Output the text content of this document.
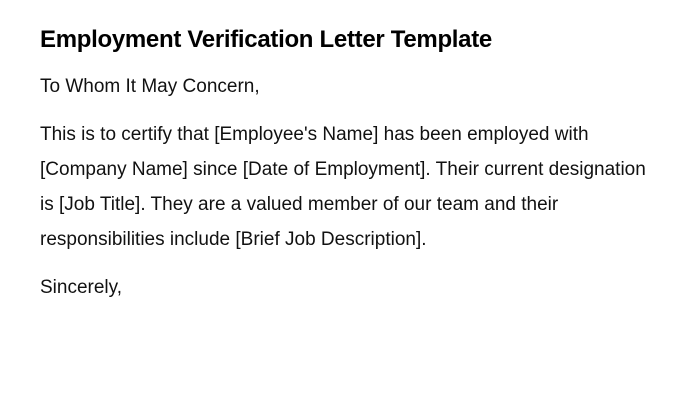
Employment Verification Letter Template

To Whom It May Concern,

This is to certify that [Employee's Name] has been employed with [Company Name] since [Date of Employment]. Their current designation is [Job Title]. They are a valued member of our team and their responsibilities include [Brief Job Description].

Sincerely,
